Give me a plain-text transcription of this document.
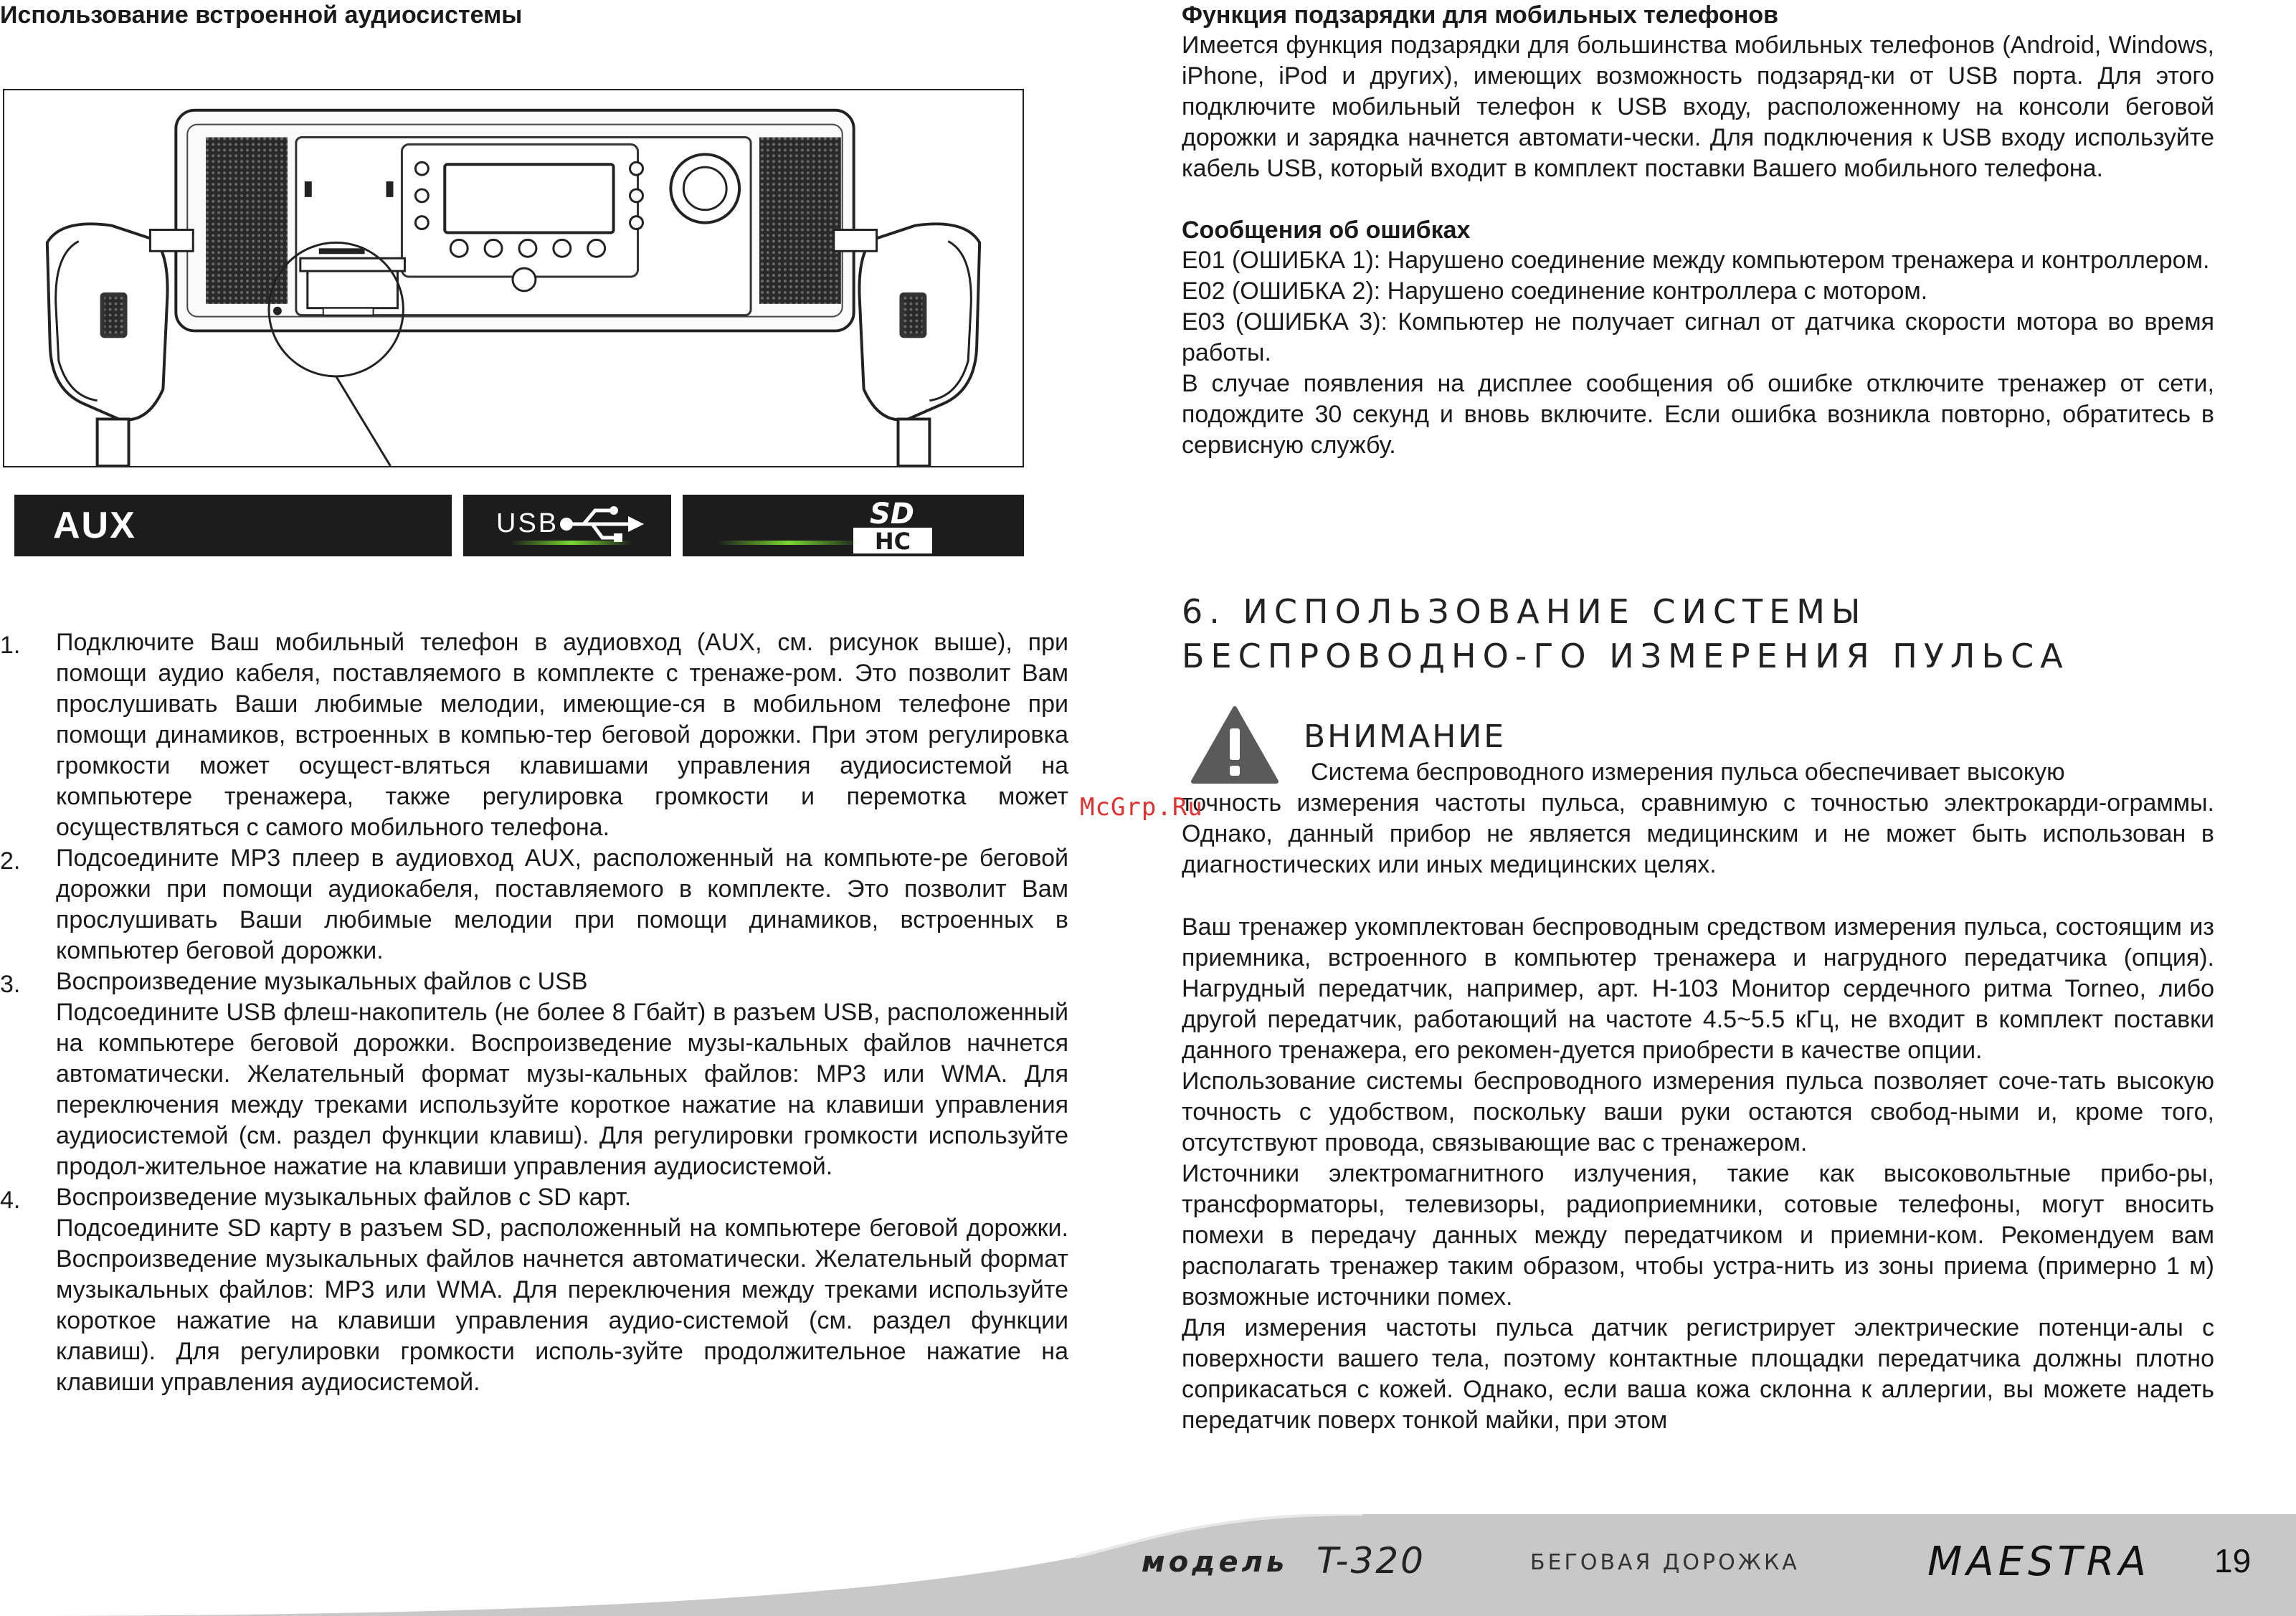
Использование встроенной аудиосистемы
AUX	USB
HC
SD
1. Подключите Ваш мобильный телефон в аудиовход (AUX, см. рисунок выше), при помощи аудио кабеля, поставляемого в комплекте с тренаже-ром. Это позволит Вам прослушивать Ваши любимые мелодии, имеющие-ся в мобильном телефоне при помощи динамиков, встроенных в компью-тер беговой дорожки. При этом регулировка громкости может осущест-вляться клавишами управления аудиосистемой на компьютере тренажера, также регулировка громкости и перемотка может осуществляться с самого мобильного телефона.

2. Подсоедините MP3 плеер в аудиовход AUX, расположенный на компьюте-ре беговой дорожки при помощи аудиокабеля, поставляемого в комплекте. Это позволит Вам прослушивать Ваши любимые мелодии при помощи динамиков, встроенных в компьютер беговой дорожки.

3. Воспроизведение музыкальных файлов с USB

Подсоедините USB флеш-накопитель (не более 8 Гбайт) в разъем USB, расположенный на компьютере беговой дорожки. Воспроизведение музы-кальных файлов начнется автоматически. Желательный формат музы-кальных файлов: MP3 или WMA. Для переключения между треками используйте короткое нажатие на клавиши управления аудиосистемой (см. раздел функции клавиш). Для регулировки громкости используйте продол-жительное нажатие на клавиши управления аудиосистемой.

4. Воспроизведение музыкальных файлов с SD карт.

Подсоедините SD карту в разъем SD, расположенный на компьютере беговой дорожки. Воспроизведение музыкальных файлов начнется автоматически. Желательный формат музыкальных файлов: MP3 или WMA. Для переключения между треками используйте короткое нажатие на клавиши управления аудио-системой (см. раздел функции клавиш). Для регулировки громкости исполь-зуйте продолжительное нажатие на клавиши управления аудиосистемой.

Функция подзарядки для мобильных телефонов
Имеется функция подзарядки для большинства мобильных телефонов (Android, Windows, iPhone, iPod и других), имеющих возможность подзаряд-ки от USB порта. Для этого подключите мобильный телефон к USB входу, расположенному на консоли беговой дорожки и зарядка начнется автомати-чески. Для подключения к USB входу используйте кабель USB, который входит в комплект поставки Вашего мобильного телефона.
Сообщения об ошибках

E01 (ОШИБКА 1): Нарушено соединение между компьютером тренажера и контроллером.

E02 (ОШИБКА 2): Нарушено соединение контроллера с мотором.

E03 (ОШИБКА 3): Компьютер не получает сигнал от датчика скорости мотора во время работы.

В случае появления на дисплее сообщения об ошибке отключите тренажер от сети, подождите 30 секунд и вновь включите. Если ошибка возникла повторно, обратитесь в сервисную службу.

6. ИСПОЛЬЗОВАНИЕ СИСТЕМЫ БЕСПРОВОДНО-ГО ИЗМЕРЕНИЯ ПУЛЬСА
ВНИМАНИЕ

Система беспроводного измерения пульса обеспечивает высокую

точность измерения частоты пульса, сравнимую с точностью электрокарди-ограммы. Однако, данный прибор не является медицинским и не может быть использован в диагностических или иных медицинских целях.

McGrp.Ru

Ваш тренажер укомплектован беспроводным средством измерения пульса, состоящим из приемника, встроенного в компьютер тренажера и нагрудного передатчика (опция). Нагрудный передатчик, например, арт. H-103 Монитор сердечного ритма Torneo, либо другой передатчик, работающий на частоте 4.5~5.5 кГц, не входит в комплект поставки данного тренажера, его рекомен-дуется приобрести в качестве опции.

Использование системы беспроводного измерения пульса позволяет соче-тать высокую точность с удобством, поскольку ваши руки остаются свобод-ными и, кроме того, отсутствуют провода, связывающие вас с тренажером.

Источники электромагнитного излучения, такие как высоковольтные прибо-ры, трансформаторы, телевизоры, радиоприемники, сотовые телефоны, могут вносить помехи в передачу данных между передатчиком и приемни-ком. Рекомендуем вам располагать тренажер таким образом, чтобы устра-нить из зоны приема (примерно 1 м) возможные источники помех.

Для измерения частоты пульса датчик регистрирует электрические потенци-алы с поверхности вашего тела, поэтому контактные площадки передатчика должны плотно соприкасаться с кожей. Однако, если ваша кожа склонна к аллергии, вы можете надеть передатчик поверх тонкой майки, при этом

модель T-320	БЕГОВАЯ ДОРОЖКА	MAESTRA 19
